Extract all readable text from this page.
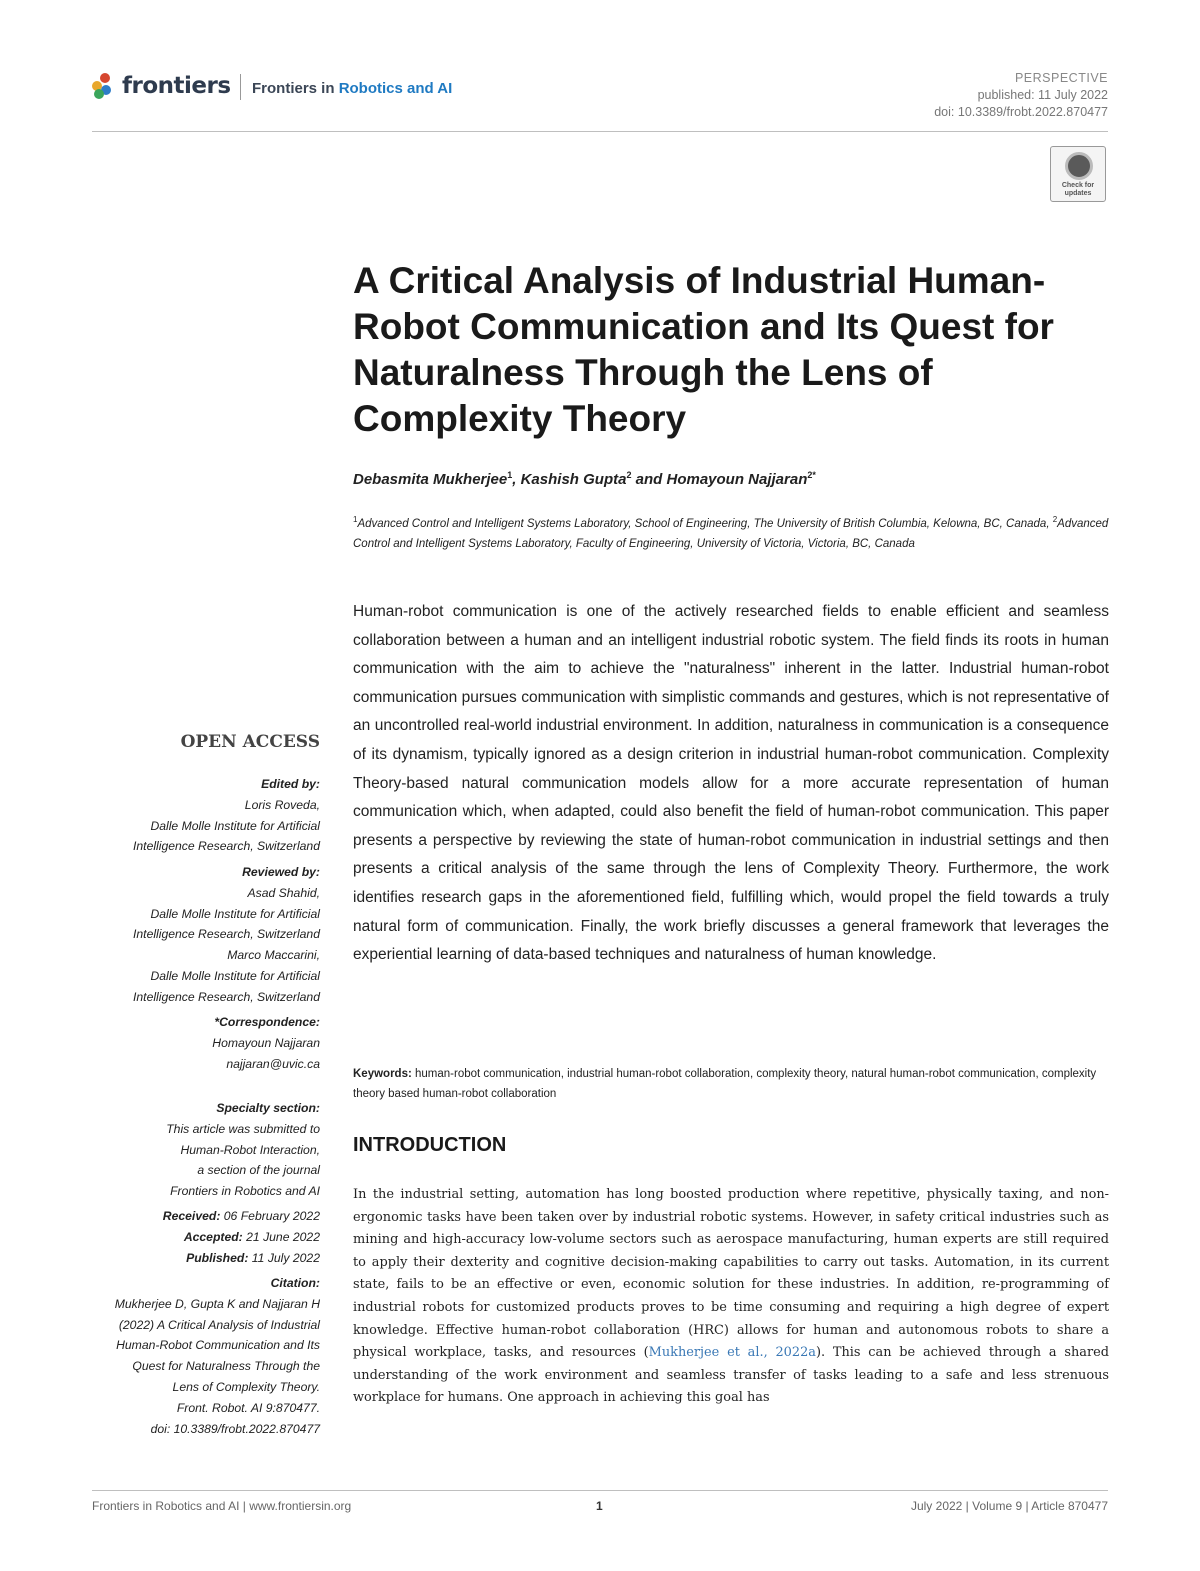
frontiers Frontiers in Robotics and AI
PERSPECTIVE
published: 11 July 2022
doi: 10.3389/frobt.2022.870477
Check for updates
A Critical Analysis of Industrial Human-Robot Communication and Its Quest for Naturalness Through the Lens of Complexity Theory
Debasmita Mukherjee$^1$, Kashish Gupta$^2$ and Homayoun Najjaran$^{2*}$
$^1$Advanced Control and Intelligent Systems Laboratory, School of Engineering, The University of British Columbia, Kelowna, BC, Canada, $^2$Advanced Control and Intelligent Systems Laboratory, Faculty of Engineering, University of Victoria, Victoria, BC, Canada

Human-robot communication is one of the actively researched fields to enable efficient and seamless collaboration between a human and an intelligent industrial robotic system. The field finds its roots in human communication with the aim to achieve the "naturalness" inherent in the latter. Industrial human-robot communication pursues communication with simplistic commands and gestures, which is not representative of an uncontrolled real-world industrial environment. In addition, naturalness in communication is a consequence of its dynamism, typically ignored as a design criterion in industrial human-robot communication. Complexity Theory-based natural communication models allow for a more accurate representation of human communication which, when adapted, could also benefit the field of human-robot communication. This paper presents a perspective by reviewing the state of human-robot communication in industrial settings and then presents a critical analysis of the same through the lens of Complexity Theory. Furthermore, the work identifies research gaps in the aforementioned field, fulfilling which, would propel the field towards a truly natural form of communication. Finally, the work briefly discusses a general framework that leverages the experiential learning of data-based techniques and naturalness of human knowledge.

Keywords: human-robot communication, industrial human-robot collaboration, complexity theory, natural human-robot communication, complexity theory based human-robot collaboration
INTRODUCTION

In the industrial setting, automation has long boosted production where repetitive, physically taxing, and non-ergonomic tasks have been taken over by industrial robotic systems. However, in safety critical industries such as mining and high-accuracy low-volume sectors such as aerospace manufacturing, human experts are still required to apply their dexterity and cognitive decision-making capabilities to carry out tasks. Automation, in its current state, fails to be an effective or even, economic solution for these industries. In addition, re-programming of industrial robots for customized products proves to be time consuming and requiring a high degree of expert knowledge. Effective human-robot collaboration (HRC) allows for human and autonomous robots to share a physical workplace, tasks, and resources (Mukherjee et al., 2022a). This can be achieved through a shared understanding of the work environment and seamless transfer of tasks leading to a safe and less strenuous workplace for humans. One approach in achieving this goal has

OPEN ACCESS
Edited by:
Loris Roveda,
Dalle Molle Institute for Artificial
Intelligence Research, Switzerland
Reviewed by:
Asad Shahid,
Dalle Molle Institute for Artificial
Intelligence Research, Switzerland
Marco Maccarini,
Dalle Molle Institute for Artificial
Intelligence Research, Switzerland
*Correspondence:
Homayoun Najjaran
najjaran@uvic.ca
Specialty section:
This article was submitted to
Human-Robot Interaction,
a section of the journal
Frontiers in Robotics and AI
Received: 06 February 2022
Accepted: 21 June 2022
Published: 11 July 2022
Citation:
Mukherjee D, Gupta K and Najjaran H
(2022) A Critical Analysis of Industrial
Human-Robot Communication and Its
Quest for Naturalness Through the
Lens of Complexity Theory.
Front. Robot. AI 9:870477.
doi: 10.3389/frobt.2022.870477
Frontiers in Robotics and AI | www.frontiersin.org	1	July 2022 | Volume 9 | Article 870477
